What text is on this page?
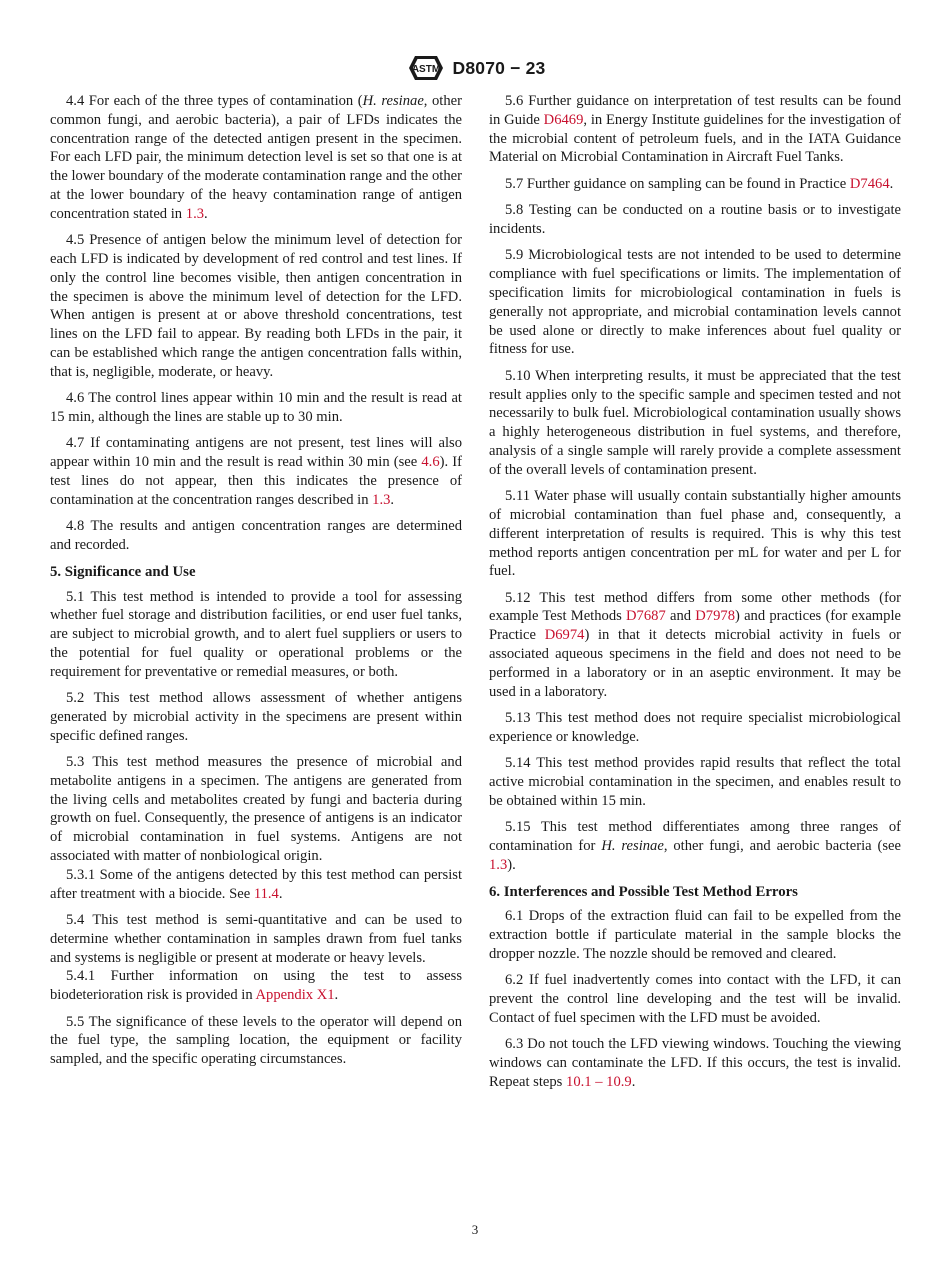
ASTM D8070 − 23

4.4 For each of the three types of contamination (H. resinae, other common fungi, and aerobic bacteria), a pair of LFDs indicates the concentration range of the detected antigen present in the specimen. For each LFD pair, the minimum detection level is set so that one is at the lower boundary of the moderate contamination range and the other at the lower boundary of the heavy contamination range of antigen concentration stated in 1.3.

4.5 Presence of antigen below the minimum level of detection for each LFD is indicated by development of red control and test lines. If only the control line becomes visible, then antigen concentration in the specimen is above the minimum level of detection for the LFD. When antigen is present at or above threshold concentrations, test lines on the LFD fail to appear. By reading both LFDs in the pair, it can be established which range the antigen concentration falls within, that is, negligible, moderate, or heavy.

4.6 The control lines appear within 10 min and the result is read at 15 min, although the lines are stable up to 30 min.

4.7 If contaminating antigens are not present, test lines will also appear within 10 min and the result is read within 30 min (see 4.6). If test lines do not appear, then this indicates the presence of contamination at the concentration ranges described in 1.3.

4.8 The results and antigen concentration ranges are determined and recorded.

5. Significance and Use

5.1 This test method is intended to provide a tool for assessing whether fuel storage and distribution facilities, or end user fuel tanks, are subject to microbial growth, and to alert fuel suppliers or users to the potential for fuel quality or operational problems or the requirement for preventative or remedial measures, or both.

5.2 This test method allows assessment of whether antigens generated by microbial activity in the specimens are present within specific defined ranges.

5.3 This test method measures the presence of microbial and metabolite antigens in a specimen. The antigens are generated from the living cells and metabolites created by fungi and bacteria during growth on fuel. Consequently, the presence of antigens is an indicator of microbial contamination in fuel systems. Antigens are not associated with matter of nonbiological origin.

5.3.1 Some of the antigens detected by this test method can persist after treatment with a biocide. See 11.4.

5.4 This test method is semi-quantitative and can be used to determine whether contamination in samples drawn from fuel tanks and systems is negligible or present at moderate or heavy levels.

5.4.1 Further information on using the test to assess biodeterioration risk is provided in Appendix X1.

5.5 The significance of these levels to the operator will depend on the fuel type, the sampling location, the equipment or facility sampled, and the specific operating circumstances.

5.6 Further guidance on interpretation of test results can be found in Guide D6469, in Energy Institute guidelines for the investigation of the microbial content of petroleum fuels, and in the IATA Guidance Material on Microbial Contamination in Aircraft Fuel Tanks.

5.7 Further guidance on sampling can be found in Practice D7464.

5.8 Testing can be conducted on a routine basis or to investigate incidents.

5.9 Microbiological tests are not intended to be used to determine compliance with fuel specifications or limits. The implementation of specification limits for microbiological contamination in fuels is generally not appropriate, and microbial contamination levels cannot be used alone or directly to make inferences about fuel quality or fitness for use.

5.10 When interpreting results, it must be appreciated that the test result applies only to the specific sample and specimen tested and not necessarily to bulk fuel. Microbiological contamination usually shows a highly heterogeneous distribution in fuel systems, and therefore, analysis of a single sample will rarely provide a complete assessment of the overall levels of contamination present.

5.11 Water phase will usually contain substantially higher amounts of microbial contamination than fuel phase and, consequently, a different interpretation of results is required. This is why this test method reports antigen concentration per mL for water and per L for fuel.

5.12 This test method differs from some other methods (for example Test Methods D7687 and D7978) and practices (for example Practice D6974) in that it detects microbial activity in fuels or associated aqueous specimens in the field and does not need to be performed in a laboratory or in an aseptic environment. It may be used in a laboratory.

5.13 This test method does not require specialist microbiological experience or knowledge.

5.14 This test method provides rapid results that reflect the total active microbial contamination in the specimen, and enables result to be obtained within 15 min.

5.15 This test method differentiates among three ranges of contamination for H. resinae, other fungi, and aerobic bacteria (see 1.3).

6. Interferences and Possible Test Method Errors

6.1 Drops of the extraction fluid can fail to be expelled from the extraction bottle if particulate material in the sample blocks the dropper nozzle. The nozzle should be removed and cleared.

6.2 If fuel inadvertently comes into contact with the LFD, it can prevent the control line developing and the test will be invalid. Contact of fuel specimen with the LFD must be avoided.

6.3 Do not touch the LFD viewing windows. Touching the viewing windows can contaminate the LFD. If this occurs, the test is invalid. Repeat steps 10.1 – 10.9.

3
